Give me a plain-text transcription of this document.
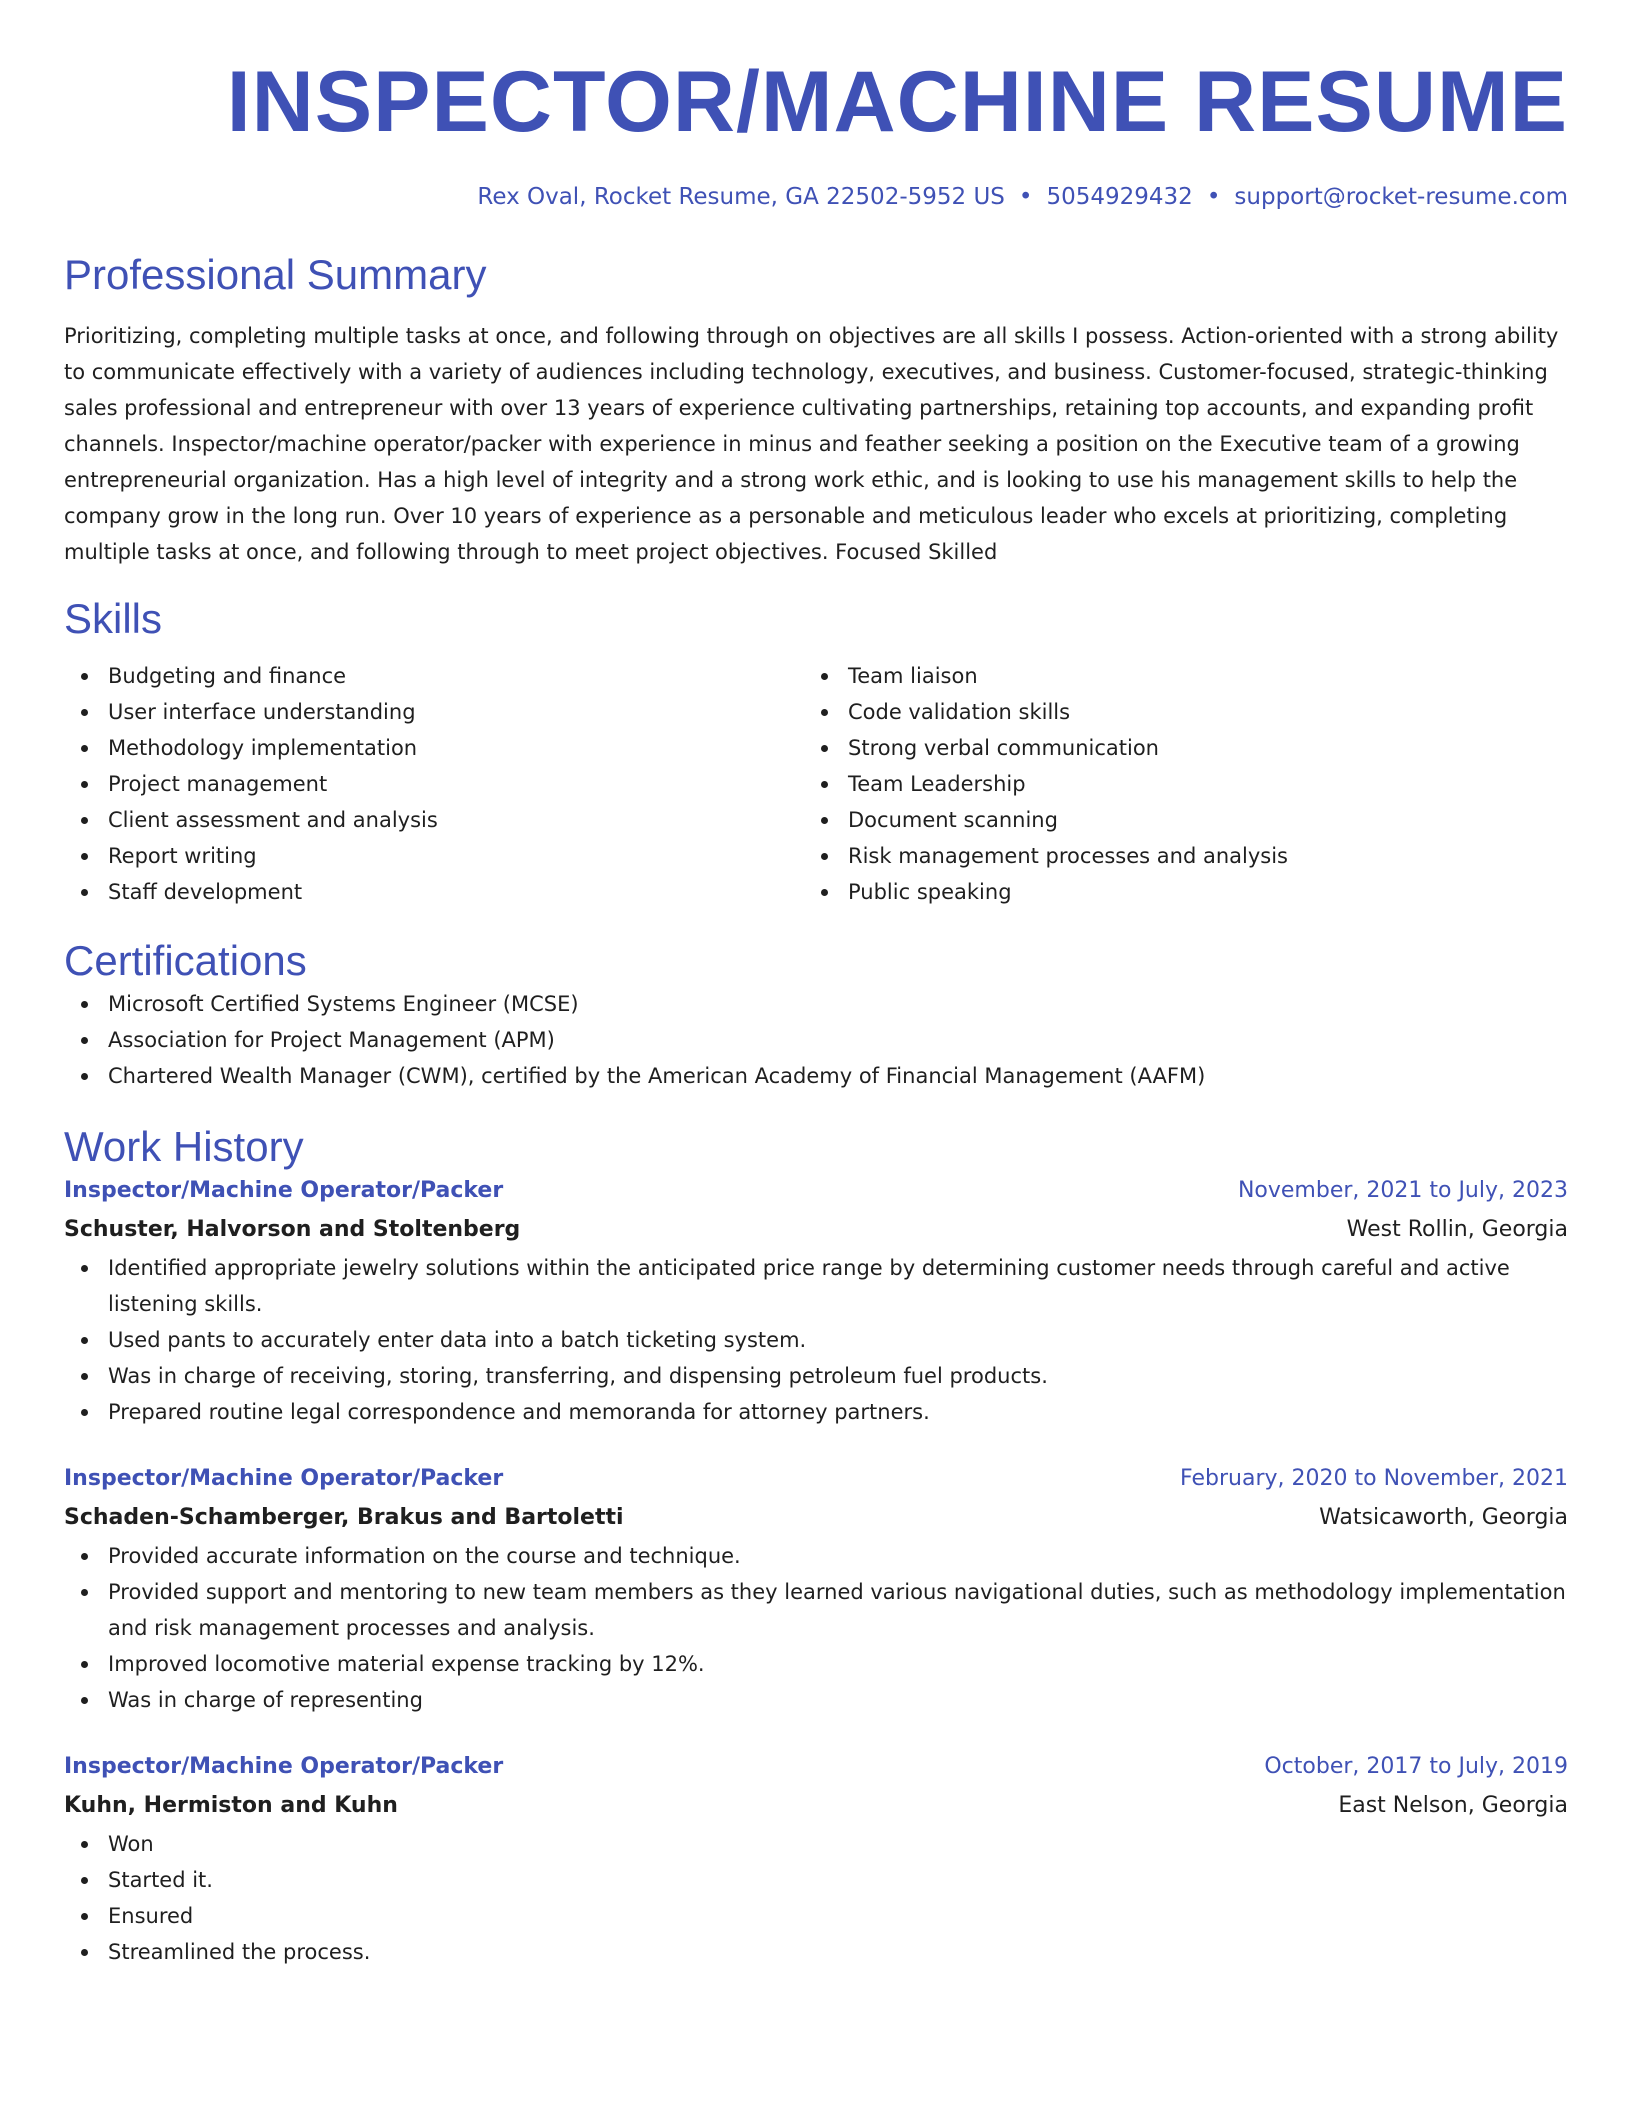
INSPECTOR/MACHINE RESUME
Rex Oval, Rocket Resume, GA 22502-5952 US • 5054929432 • support@rocket-resume.com
Professional Summary

Prioritizing, completing multiple tasks at once, and following through on objectives are all skills I possess. Action-oriented with a strong ability to communicate effectively with a variety of audiences including technology, executives, and business. Customer-focused, strategic-thinking sales professional and entrepreneur with over 13 years of experience cultivating partnerships, retaining top accounts, and expanding profit channels. Inspector/machine operator/packer with experience in minus and feather seeking a position on the Executive team of a growing entrepreneurial organization. Has a high level of integrity and a strong work ethic, and is looking to use his management skills to help the company grow in the long run. Over 10 years of experience as a personable and meticulous leader who excels at prioritizing, completing multiple tasks at once, and following through to meet project objectives. Focused Skilled

Skills
Budgeting and finance
User interface understanding
Methodology implementation
Project management
Client assessment and analysis
Report writing
Staff development
Team liaison
Code validation skills
Strong verbal communication
Team Leadership
Document scanning
Risk management processes and analysis
Public speaking
Certifications
Microsoft Certified Systems Engineer (MCSE)
Association for Project Management (APM)
Chartered Wealth Manager (CWM), certified by the American Academy of Financial Management (AAFM)
Work History
Inspector/Machine Operator/Packer	November, 2021 to July, 2023
Schuster, Halvorson and Stoltenberg	West Rollin, Georgia
Identified appropriate jewelry solutions within the anticipated price range by determining customer needs through careful and active listening skills.
Used pants to accurately enter data into a batch ticketing system.
Was in charge of receiving, storing, transferring, and dispensing petroleum fuel products.
Prepared routine legal correspondence and memoranda for attorney partners.
Inspector/Machine Operator/Packer	February, 2020 to November, 2021
Schaden-Schamberger, Brakus and Bartoletti	Watsicaworth, Georgia
Provided accurate information on the course and technique.
Provided support and mentoring to new team members as they learned various navigational duties, such as methodology implementation and risk management processes and analysis.
Improved locomotive material expense tracking by 12%.
Was in charge of representing
Inspector/Machine Operator/Packer	October, 2017 to July, 2019
Kuhn, Hermiston and Kuhn	East Nelson, Georgia
Won
Started it.
Ensured
Streamlined the process.
